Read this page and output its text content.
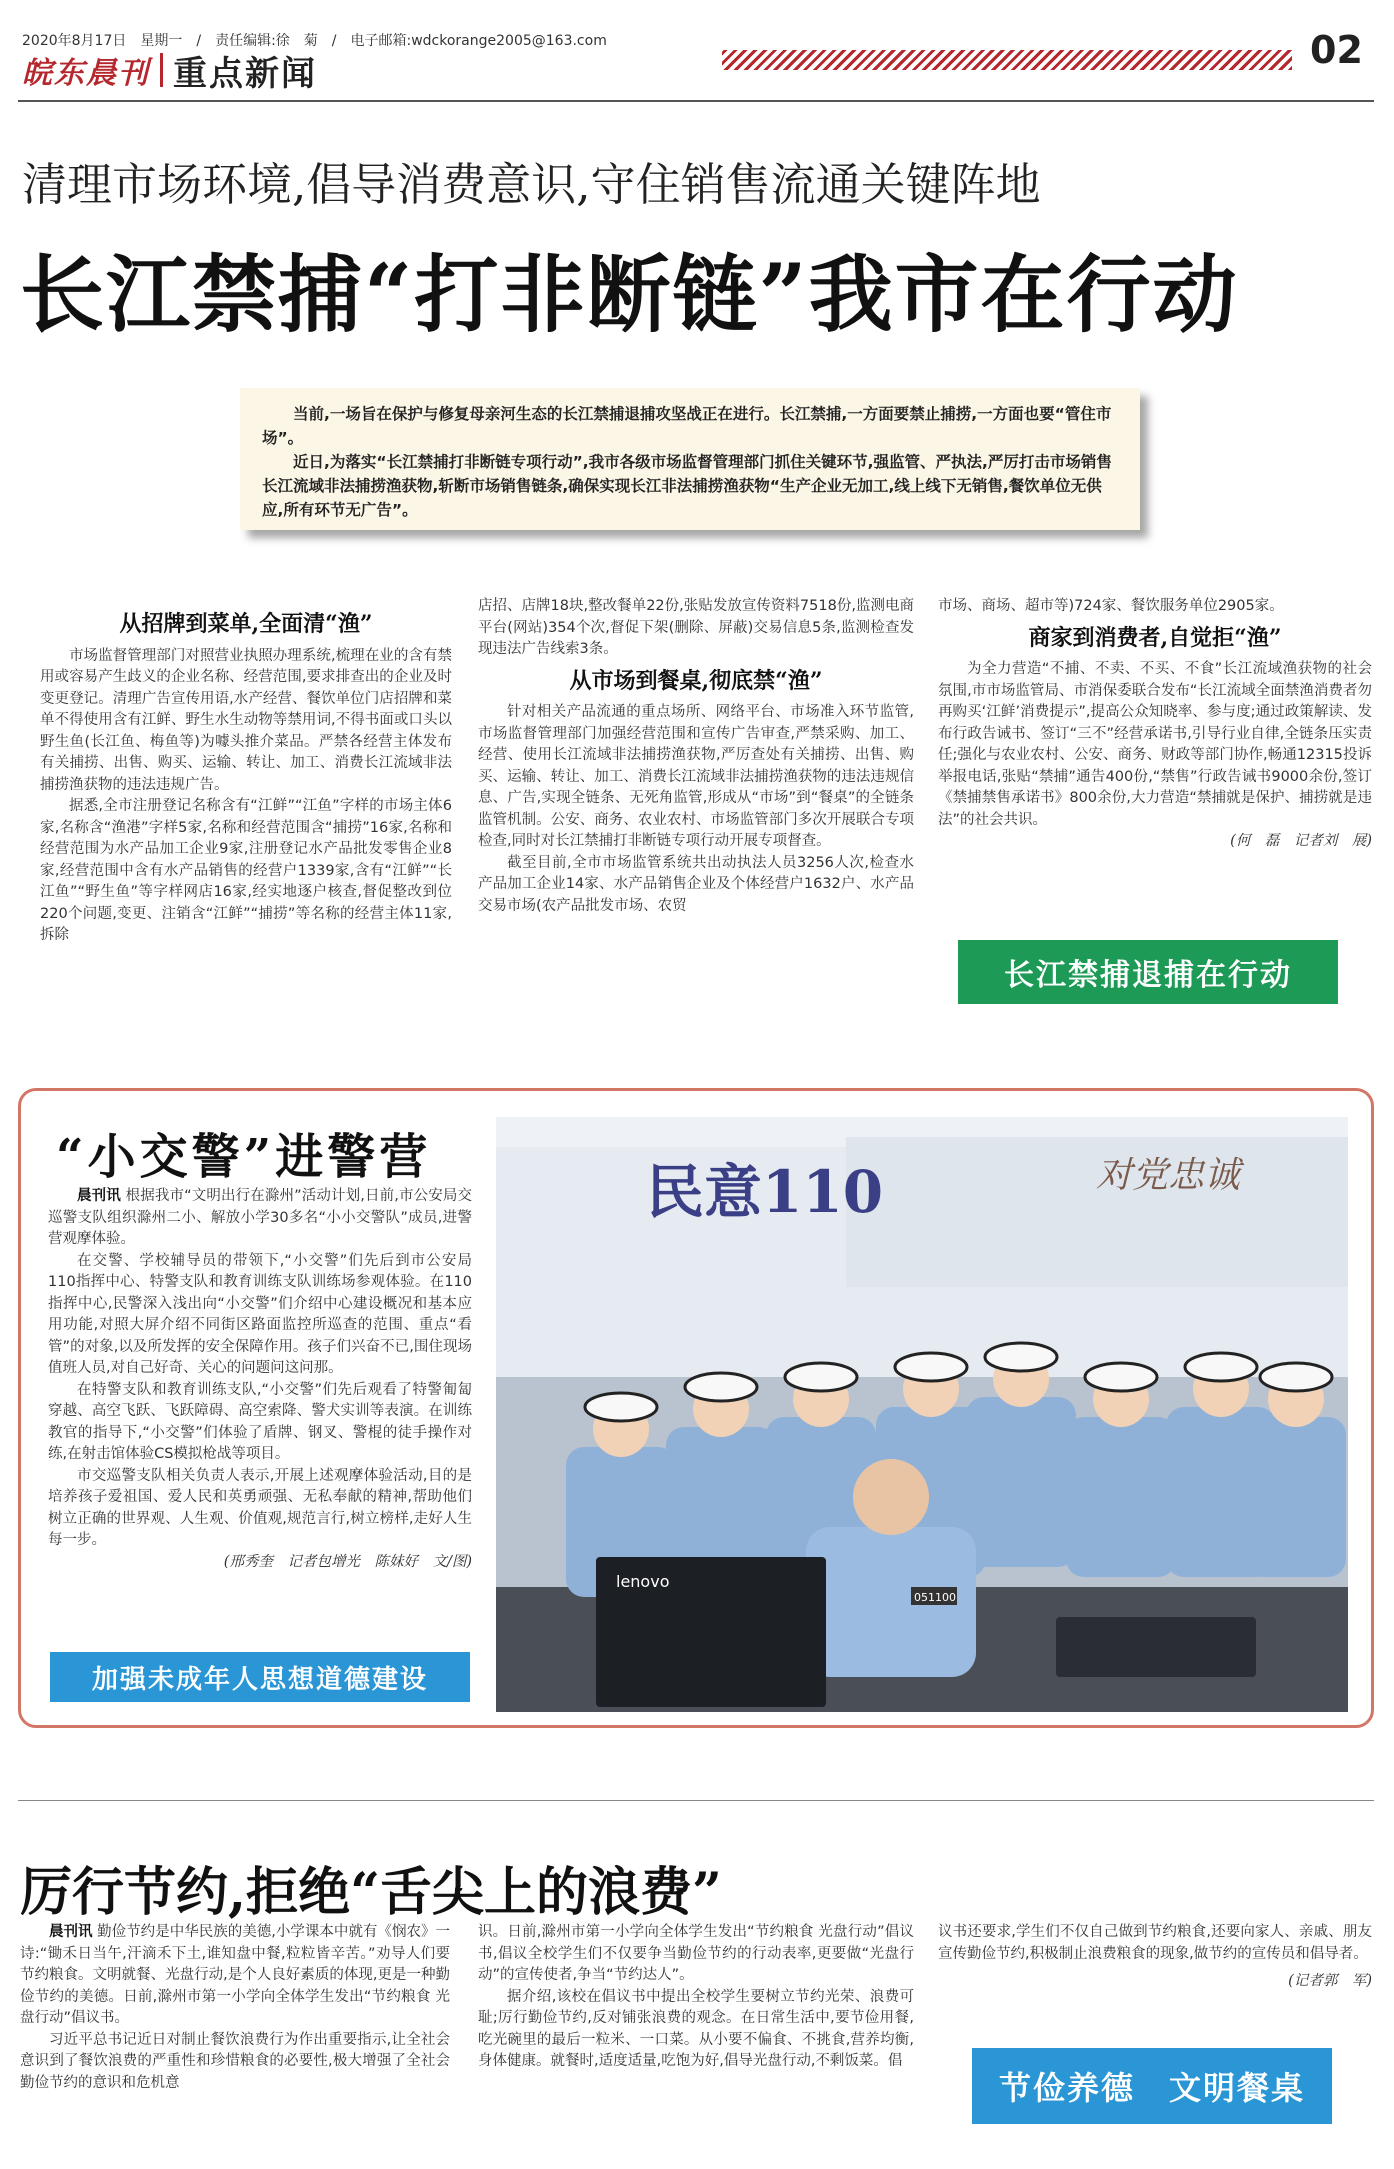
2020年8月17日　星期一　/　责任编辑:徐　菊　/　电子邮箱:wdckorange2005@163.com
皖东晨刊 重点新闻
02
清理市场环境,倡导消费意识,守住销售流通关键阵地
长江禁捕“打非断链”我市在行动

当前,一场旨在保护与修复母亲河生态的长江禁捕退捕攻坚战正在进行。长江禁捕,一方面要禁止捕捞,一方面也要“管住市场”。

近日,为落实“长江禁捕打非断链专项行动”,我市各级市场监督管理部门抓住关键环节,强监管、严执法,严厉打击市场销售长江流域非法捕捞渔获物,斩断市场销售链条,确保实现长江非法捕捞渔获物“生产企业无加工,线上线下无销售,餐饮单位无供应,所有环节无广告”。

从招牌到菜单,全面清“渔”

市场监督管理部门对照营业执照办理系统,梳理在业的含有禁用或容易产生歧义的企业名称、经营范围,要求排查出的企业及时变更登记。清理广告宣传用语,水产经营、餐饮单位门店招牌和菜单不得使用含有江鲜、野生水生动物等禁用词,不得书面或口头以野生鱼(长江鱼、梅鱼等)为噱头推介菜品。严禁各经营主体发布有关捕捞、出售、购买、运输、转让、加工、消费长江流域非法捕捞渔获物的违法违规广告。

据悉,全市注册登记名称含有“江鲜”“江鱼”字样的市场主体6家,名称含“渔港”字样5家,名称和经营范围含“捕捞”16家,名称和经营范围为水产品加工企业9家,注册登记水产品批发零售企业8家,经营范围中含有水产品销售的经营户1339家,含有“江鲜”“长江鱼”“野生鱼”等字样网店16家,经实地逐户核查,督促整改到位220个问题,变更、注销含“江鲜”“捕捞”等名称的经营主体11家,拆除

店招、店牌18块,整改餐单22份,张贴发放宣传资料7518份,监测电商平台(网站)354个次,督促下架(删除、屏蔽)交易信息5条,监测检查发现违法广告线索3条。

从市场到餐桌,彻底禁“渔”

针对相关产品流通的重点场所、网络平台、市场准入环节监管,市场监督管理部门加强经营范围和宣传广告审查,严禁采购、加工、经营、使用长江流域非法捕捞渔获物,严厉查处有关捕捞、出售、购买、运输、转让、加工、消费长江流域非法捕捞渔获物的违法违规信息、广告,实现全链条、无死角监管,形成从“市场”到“餐桌”的全链条监管机制。公安、商务、农业农村、市场监管部门多次开展联合专项检查,同时对长江禁捕打非断链专项行动开展专项督查。

截至目前,全市市场监管系统共出动执法人员3256人次,检查水产品加工企业14家、水产品销售企业及个体经营户1632户、水产品交易市场(农产品批发市场、农贸

市场、商场、超市等)724家、餐饮服务单位2905家。

商家到消费者,自觉拒“渔”

为全力营造“不捕、不卖、不买、不食”长江流域渔获物的社会氛围,市市场监管局、市消保委联合发布“长江流域全面禁渔消费者勿再购买‘江鲜’消费提示”,提高公众知晓率、参与度;通过政策解读、发布行政告诫书、签订“三不”经营承诺书,引导行业自律,全链条压实责任;强化与农业农村、公安、商务、财政等部门协作,畅通12315投诉举报电话,张贴“禁捕”通告400份,“禁售”行政告诫书9000余份,签订《禁捕禁售承诺书》800余份,大力营造“禁捕就是保护、捕捞就是违法”的社会共识。

(何　磊　记者刘　展)
长江禁捕退捕在行动
“小交警”进警营

晨刊讯 根据我市“文明出行在滁州”活动计划,日前,市公安局交巡警支队组织滁州二小、解放小学30多名“小小交警队”成员,进警营观摩体验。

在交警、学校辅导员的带领下,“小交警”们先后到市公安局110指挥中心、特警支队和教育训练支队训练场参观体验。在110指挥中心,民警深入浅出向“小交警”们介绍中心建设概况和基本应用功能,对照大屏介绍不同街区路面监控所巡查的范围、重点“看管”的对象,以及所发挥的安全保障作用。孩子们兴奋不已,围住现场值班人员,对自己好奇、关心的问题问这问那。

在特警支队和教育训练支队,“小交警”们先后观看了特警匍匐穿越、高空飞跃、飞跃障碍、高空索降、警犬实训等表演。在训练教官的指导下,“小交警”们体验了盾牌、钢叉、警棍的徒手操作对练,在射击馆体验CS模拟枪战等项目。

市交巡警支队相关负责人表示,开展上述观摩体验活动,目的是培养孩子爱祖国、爱人民和英勇顽强、无私奉献的精神,帮助他们树立正确的世界观、人生观、价值观,规范言行,树立榜样,走好人生每一步。

(邢秀奎　记者包增光　陈妹好　文/图)
加强未成年人思想道德建设
民意110	对党忠诚
051100
lenovo
厉行节约,拒绝“舌尖上的浪费”

晨刊讯 勤俭节约是中华民族的美德,小学课本中就有《悯农》一诗:“锄禾日当午,汗滴禾下土,谁知盘中餐,粒粒皆辛苦。”劝导人们要节约粮食。文明就餐、光盘行动,是个人良好素质的体现,更是一种勤俭节约的美德。日前,滁州市第一小学向全体学生发出“节约粮食 光盘行动”倡议书。

习近平总书记近日对制止餐饮浪费行为作出重要指示,让全社会意识到了餐饮浪费的严重性和珍惜粮食的必要性,极大增强了全社会勤俭节约的意识和危机意

识。日前,滁州市第一小学向全体学生发出“节约粮食 光盘行动”倡议书,倡议全校学生们不仅要争当勤俭节约的行动表率,更要做“光盘行动”的宣传使者,争当“节约达人”。

据介绍,该校在倡议书中提出全校学生要树立节约光荣、浪费可耻;厉行勤俭节约,反对铺张浪费的观念。在日常生活中,要节俭用餐,吃光碗里的最后一粒米、一口菜。从小要不偏食、不挑食,营养均衡,身体健康。就餐时,适度适量,吃饱为好,倡导光盘行动,不剩饭菜。倡

议书还要求,学生们不仅自己做到节约粮食,还要向家人、亲戚、朋友宣传勤俭节约,积极制止浪费粮食的现象,做节约的宣传员和倡导者。

(记者郭　军)
节俭养德　文明餐桌
